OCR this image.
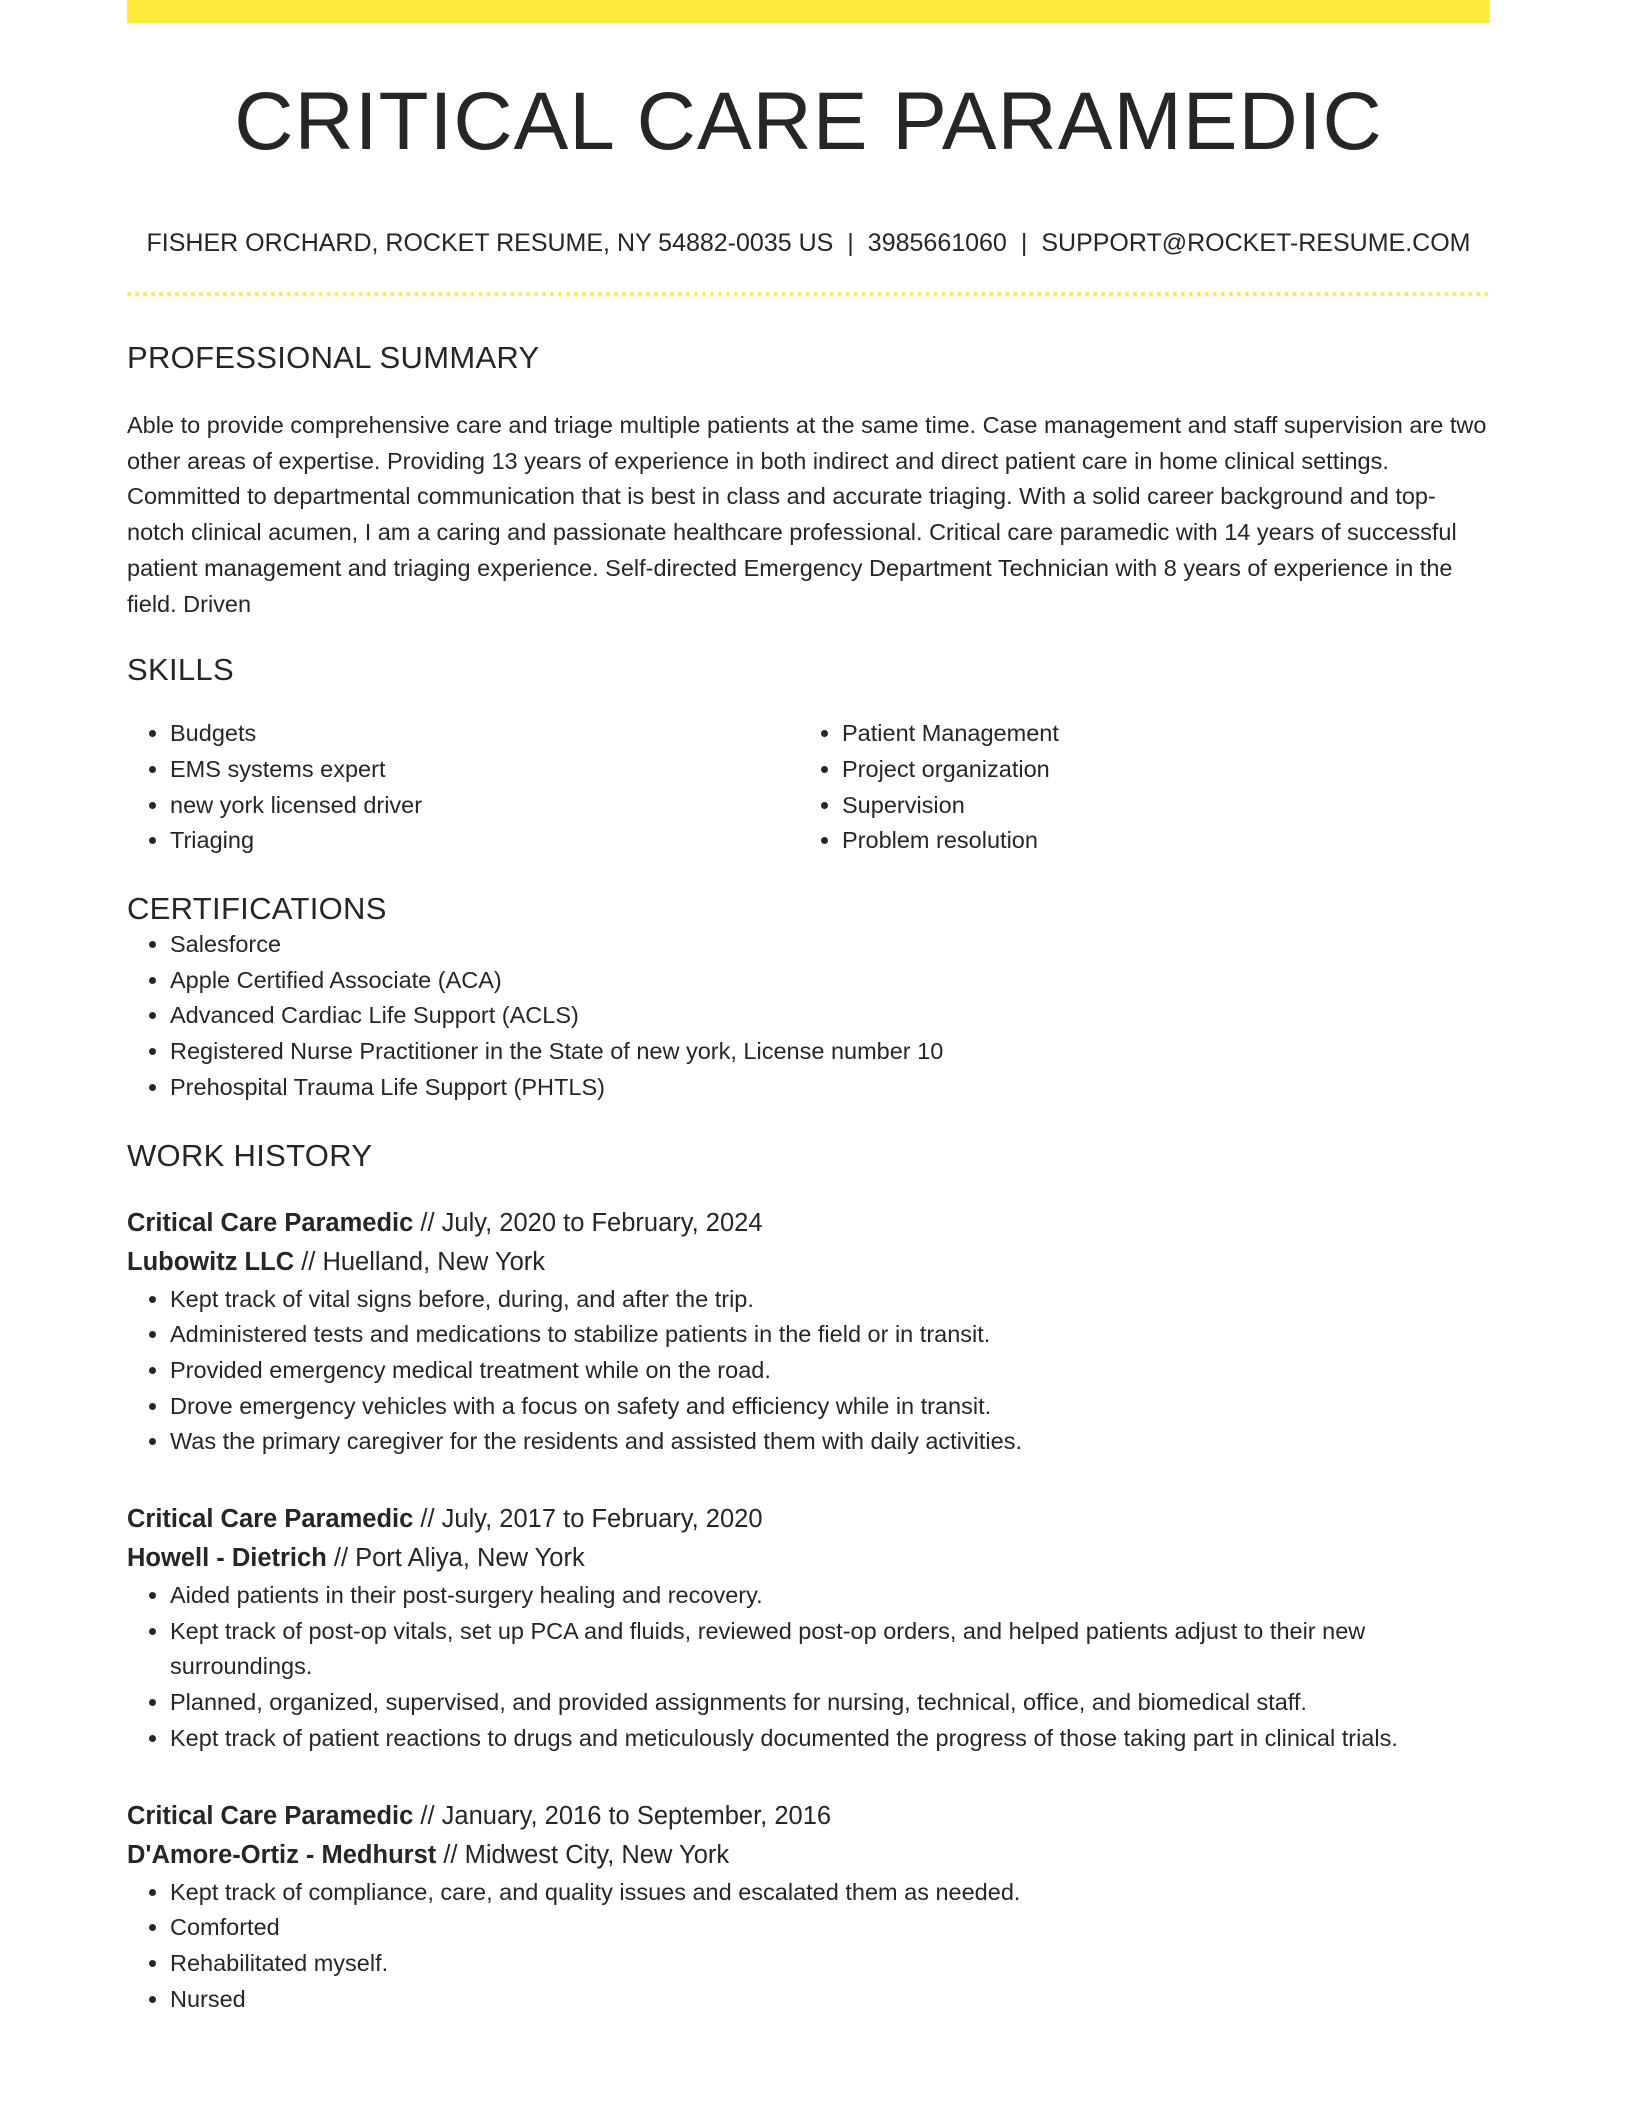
CRITICAL CARE PARAMEDIC
FISHER ORCHARD, ROCKET RESUME, NY 54882-0035 US | 3985661060 | SUPPORT@ROCKET-RESUME.COM
PROFESSIONAL SUMMARY
Able to provide comprehensive care and triage multiple patients at the same time. Case management and staff supervision are two other areas of expertise. Providing 13 years of experience in both indirect and direct patient care in home clinical settings. Committed to departmental communication that is best in class and accurate triaging. With a solid career background and top-notch clinical acumen, I am a caring and passionate healthcare professional. Critical care paramedic with 14 years of successful patient management and triaging experience. Self-directed Emergency Department Technician with 8 years of experience in the field. Driven
SKILLS
• Budgets
• EMS systems expert
• new york licensed driver
• Triaging
• Patient Management
• Project organization
• Supervision
• Problem resolution
CERTIFICATIONS
• Salesforce
• Apple Certified Associate (ACA)
• Advanced Cardiac Life Support (ACLS)
• Registered Nurse Practitioner in the State of new york, License number 10
• Prehospital Trauma Life Support (PHTLS)
WORK HISTORY
Critical Care Paramedic // July, 2020 to February, 2024
Lubowitz LLC // Huelland, New York
• Kept track of vital signs before, during, and after the trip.
• Administered tests and medications to stabilize patients in the field or in transit.
• Provided emergency medical treatment while on the road.
• Drove emergency vehicles with a focus on safety and efficiency while in transit.
• Was the primary caregiver for the residents and assisted them with daily activities.
Critical Care Paramedic // July, 2017 to February, 2020
Howell - Dietrich // Port Aliya, New York
• Aided patients in their post-surgery healing and recovery.
• Kept track of post-op vitals, set up PCA and fluids, reviewed post-op orders, and helped patients adjust to their new surroundings.
• Planned, organized, supervised, and provided assignments for nursing, technical, office, and biomedical staff.
• Kept track of patient reactions to drugs and meticulously documented the progress of those taking part in clinical trials.
Critical Care Paramedic // January, 2016 to September, 2016
D'Amore-Ortiz - Medhurst // Midwest City, New York
• Kept track of compliance, care, and quality issues and escalated them as needed.
• Comforted
• Rehabilitated myself.
• Nursed
